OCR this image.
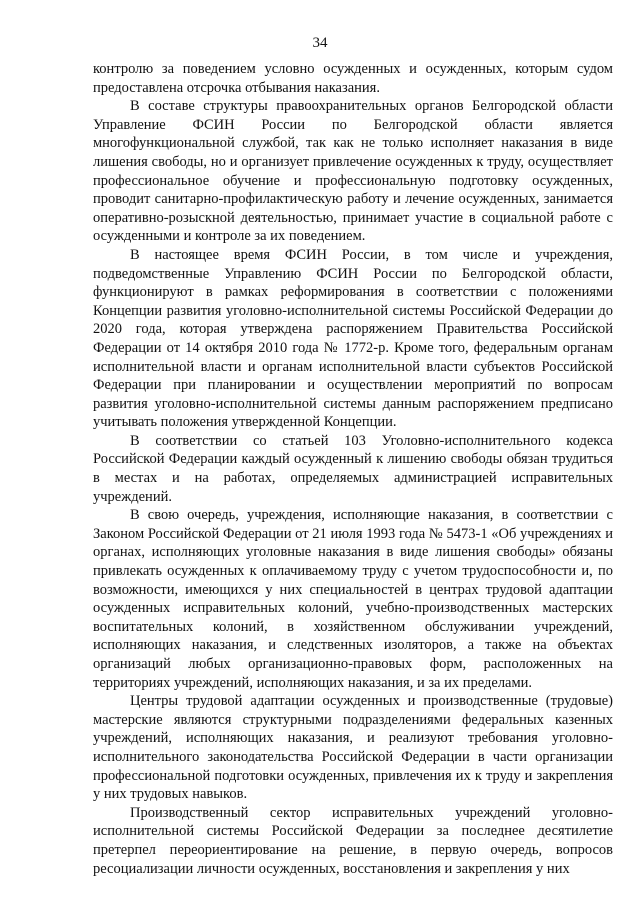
34

контролю за поведением условно осужденных и осужденных, которым судом предоставлена отсрочка отбывания наказания.

В составе структуры правоохранительных органов Белгородской области Управление ФСИН России по Белгородской области является многофункциональной службой, так как не только исполняет наказания в виде лишения свободы, но и организует привлечение осужденных к труду, осуществляет профессиональное обучение и профессиональную подготовку осужденных, проводит санитарно-профилактическую работу и лечение осужденных, занимается оперативно-розыскной деятельностью, принимает участие в социальной работе с осужденными и контроле за их поведением.

В настоящее время ФСИН России, в том числе и учреждения, подведомственные Управлению ФСИН России по Белгородской области, функционируют в рамках реформирования в соответствии с положениями Концепции развития уголовно-исполнительной системы Российской Федерации до 2020 года, которая утверждена распоряжением Правительства Российской Федерации от 14 октября 2010 года № 1772-р. Кроме того, федеральным органам исполнительной власти и органам исполнительной власти субъектов Российской Федерации при планировании и осуществлении мероприятий по вопросам развития уголовно-исполнительной системы данным распоряжением предписано учитывать положения утвержденной Концепции.

В соответствии со статьей 103 Уголовно-исполнительного кодекса Российской Федерации каждый осужденный к лишению свободы обязан трудиться в местах и на работах, определяемых администрацией исправительных учреждений.

В свою очередь, учреждения, исполняющие наказания, в соответствии с Законом Российской Федерации от 21 июля 1993 года № 5473-1 «Об учреждениях и органах, исполняющих уголовные наказания в виде лишения свободы» обязаны привлекать осужденных к оплачиваемому труду с учетом трудоспособности и, по возможности, имеющихся у них специальностей в центрах трудовой адаптации осужденных исправительных колоний, учебно-производственных мастерских воспитательных колоний, в хозяйственном обслуживании учреждений, исполняющих наказания, и следственных изоляторов, а также на объектах организаций любых организационно-правовых форм, расположенных на территориях учреждений, исполняющих наказания, и за их пределами.

Центры трудовой адаптации осужденных и производственные (трудовые) мастерские являются структурными подразделениями федеральных казенных учреждений, исполняющих наказания, и реализуют требования уголовно-исполнительного законодательства Российской Федерации в части организации профессиональной подготовки осужденных, привлечения их к труду и закрепления у них трудовых навыков.

Производственный сектор исправительных учреждений уголовно-исполнительной системы Российской Федерации за последнее десятилетие претерпел переориентирование на решение, в первую очередь, вопросов ресоциализации личности осужденных, восстановления и закрепления у них
